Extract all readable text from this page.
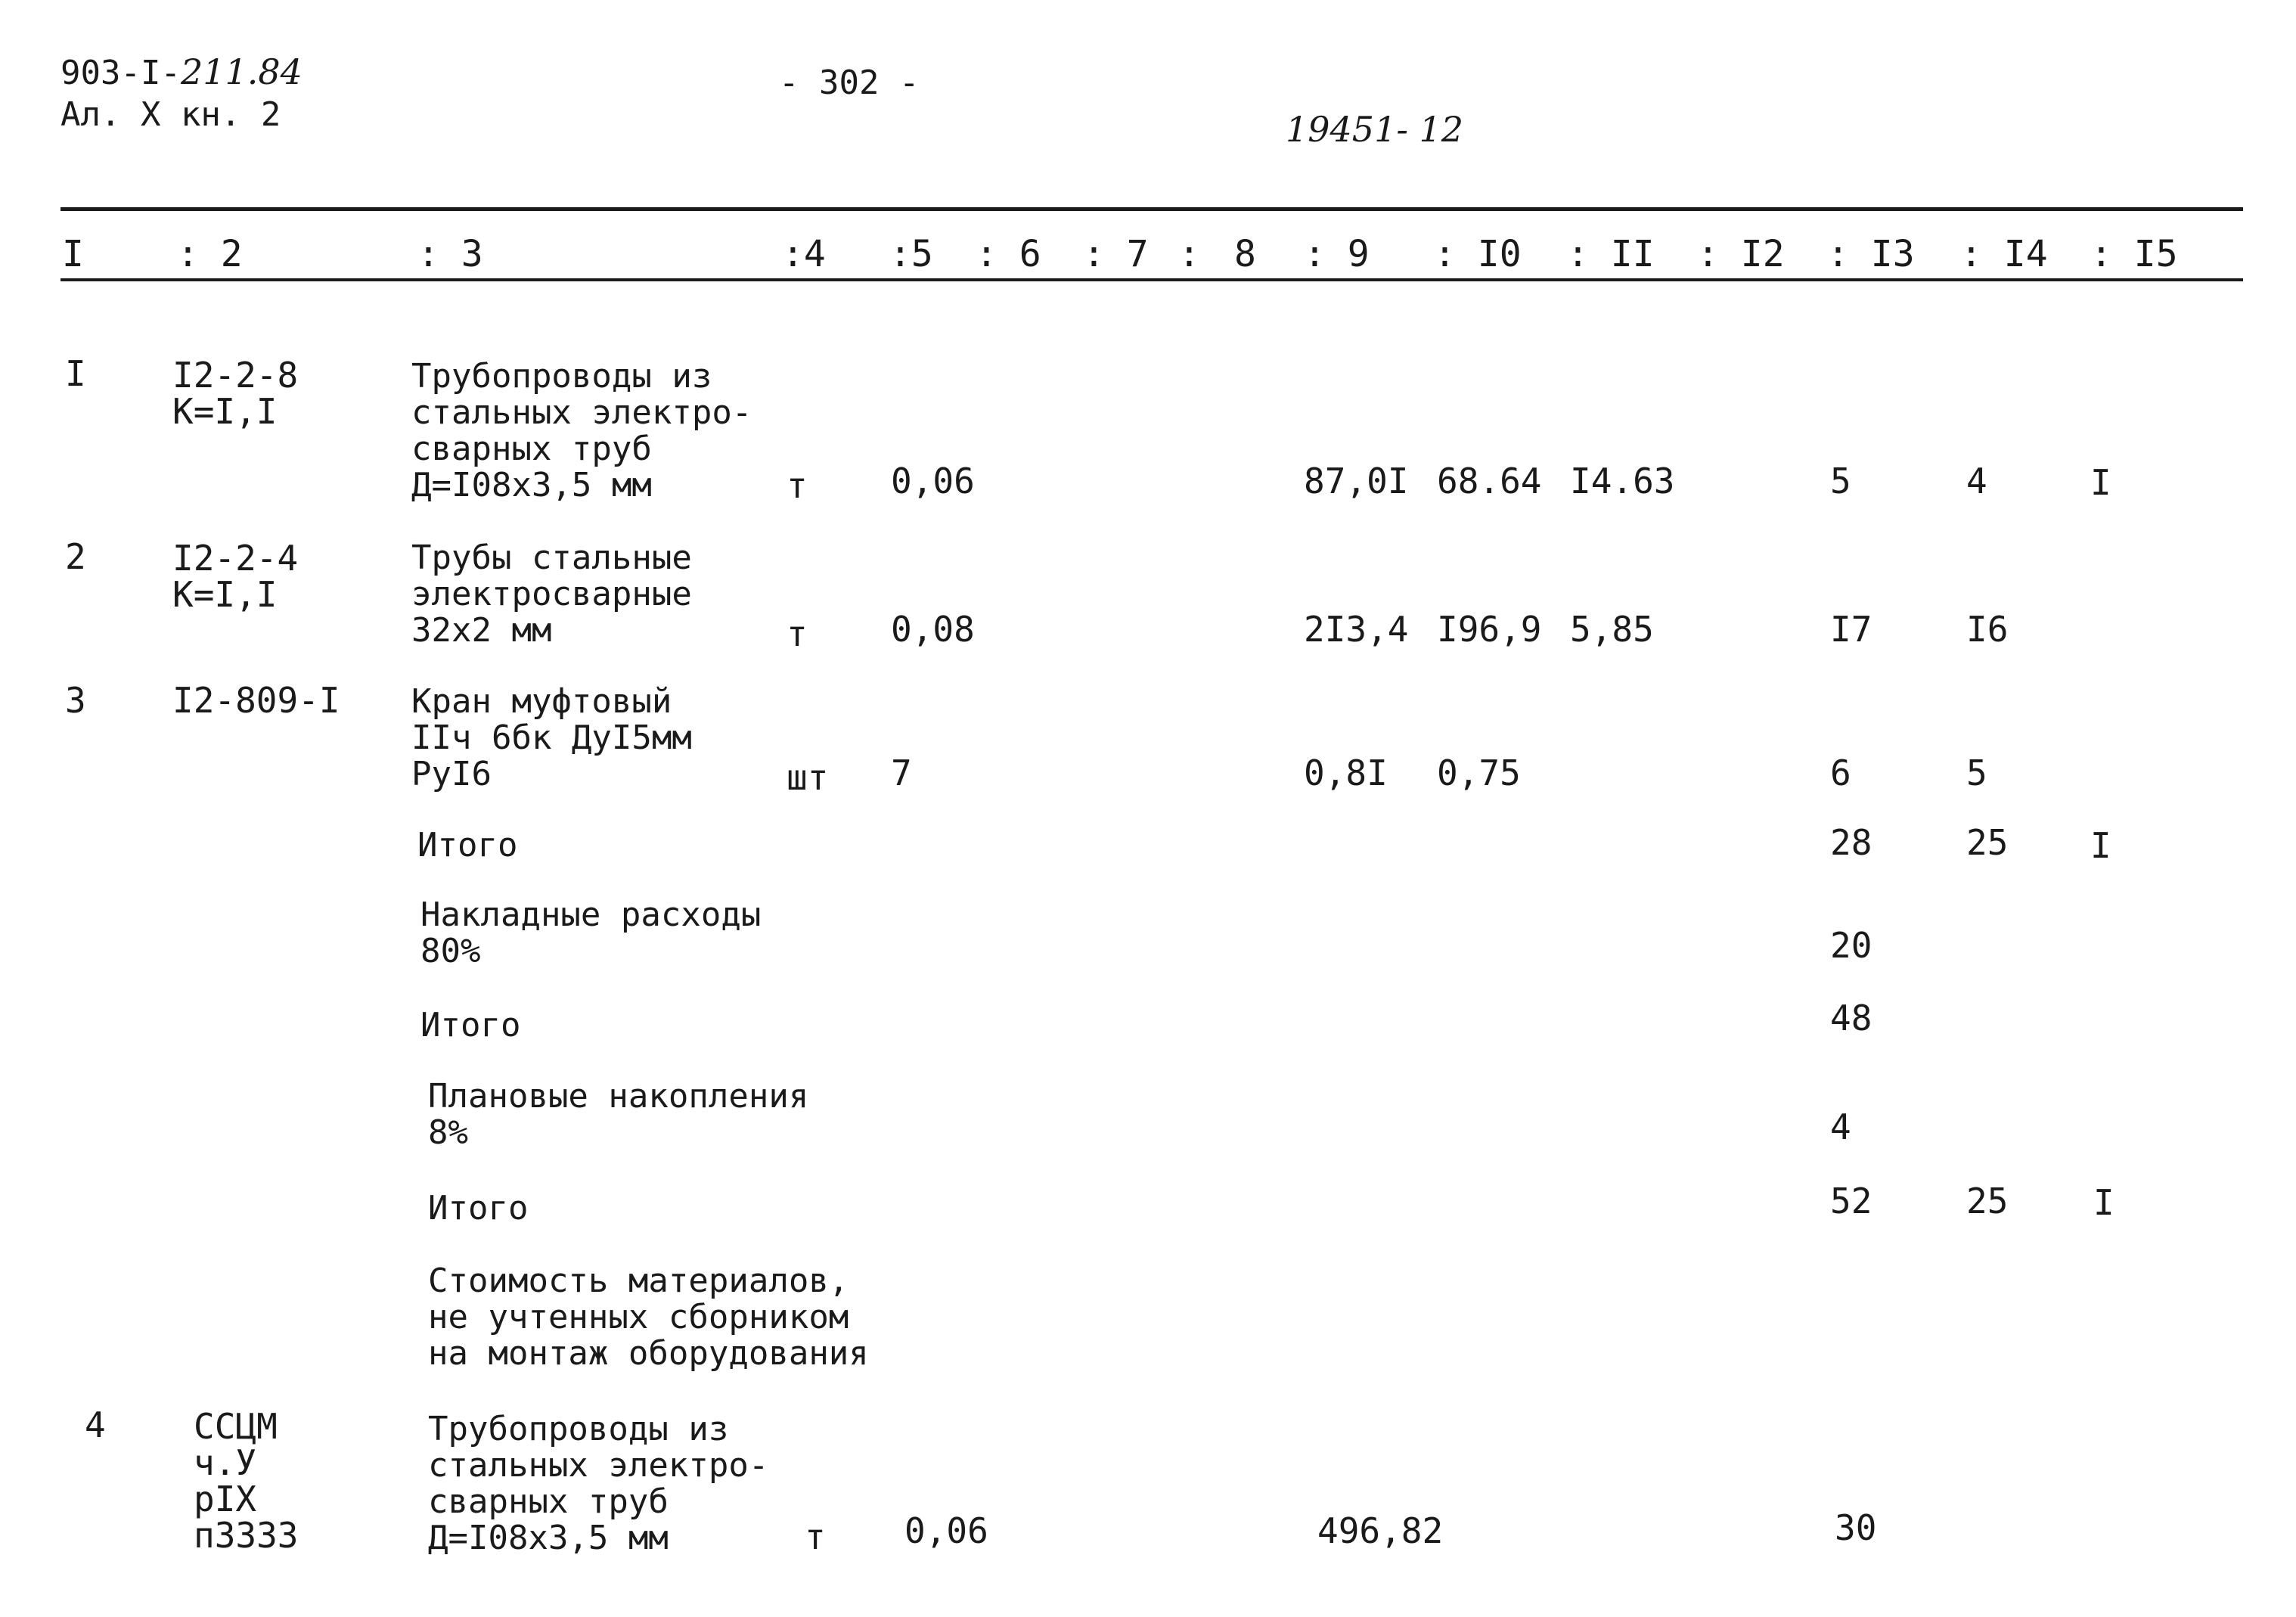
903-I-211.84
Ал. X кн. 2
- 302 -
19451- 12
I	: 2	: 3	:4 :5 : 6 : 7 : 8 : 9 : I0 : II : I2 : I3 : I4 : I5
I I2-2-8
К=I,I
Трубопроводы из
стальных электро-
сварных труб
Д=I08х3,5 мм	т 0,06	87,0I 68.64 I4.63	5	4	I
2 I2-2-4
К=I,I
Трубы стальные
электросварные
32х2 мм	т 0,08	2I3,4 I96,9 5,85	I7	I6
3 I2-809-I Кран муфтовый
IIч 6бк ДуI5мм
РуI6	шт 7	0,8I 0,75	6	5
Итого	28	25 I
Накладные расходы
80%	20
Итого	48
Плановые накопления
8%	4
Итого	52	25 I
Стоимость материалов,
не учтенных сборником
на монтаж оборудования
4	ССЦМ
ч.У
рIX
п3333
Трубопроводы из
стальных электро-
сварных труб
Д=I08х3,5 мм	т 0,06	496,82	30
